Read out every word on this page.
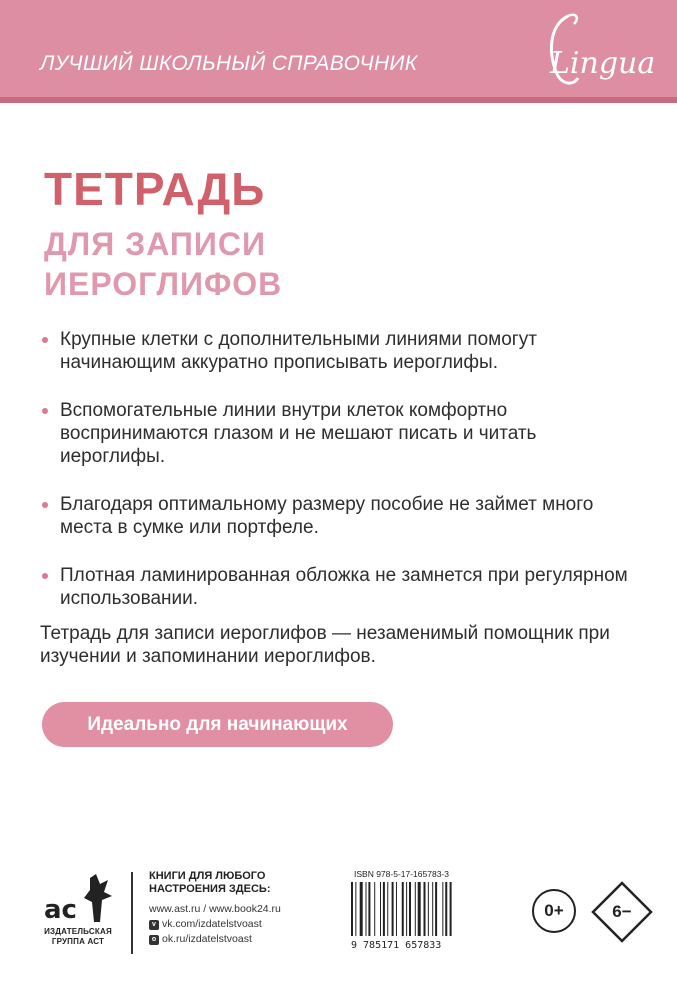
ЛУЧШИЙ ШКОЛЬНЫЙ СПРАВОЧНИК	Lingua
ТЕТРАДЬ
ДЛЯ ЗАПИСИ
ИЕРОГЛИФОВ
Крупные клетки с дополнительными линиями помогут начинающим аккуратно прописывать иероглифы.
Вспомогательные линии внутри клеток комфортно воспринимаются глазом и не мешают писать и читать иероглифы.
Благодаря оптимальному размеру пособие не займет много места в сумке или портфеле.
Плотная ламинированная обложка не замнется при регулярном использовании.
Тетрадь для записи иероглифов — незаменимый помощник при изучении и запоминании иероглифов.
Идеально для начинающих
ac
ИЗДАТЕЛЬСКАЯ
ГРУППА АСТ
КНИГИ ДЛЯ ЛЮБОГО
НАСТРОЕНИЯ ЗДЕСЬ:
www.ast.ru / www.book24.ru
v vk.com/izdatelstvoast
o ok.ru/izdatelstvoast
ISBN 978-5-17-165783-3
9 785171 657833
0+	6−
